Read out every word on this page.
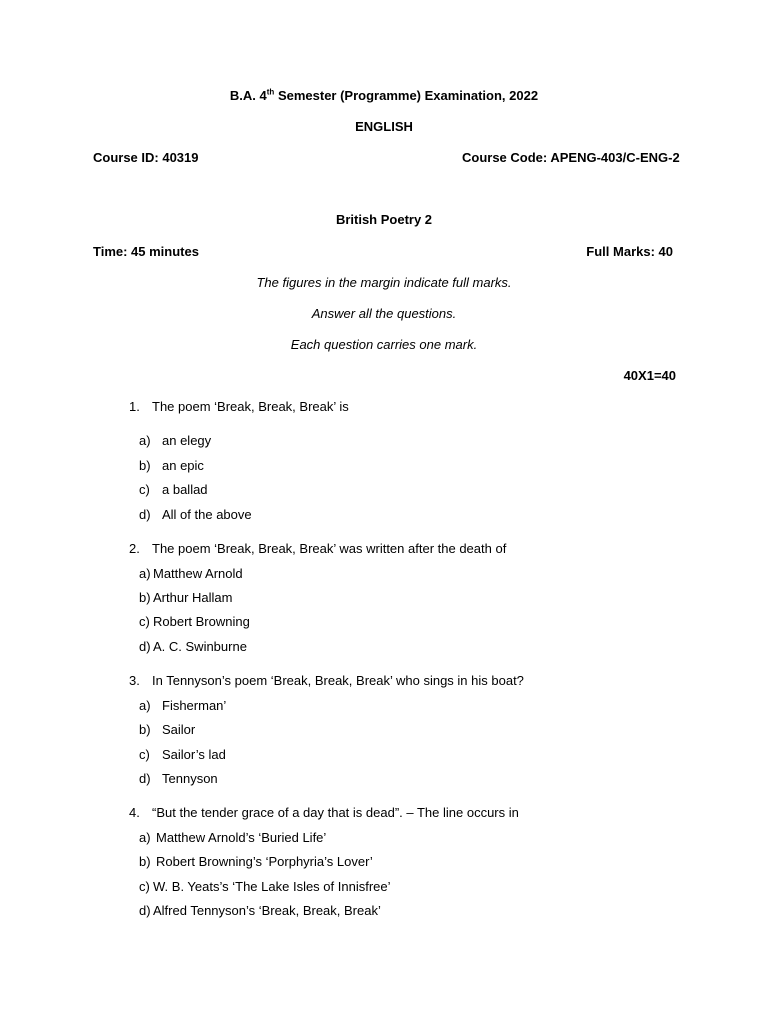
B.A. 4th Semester (Programme) Examination, 2022
ENGLISH
Course ID: 40319	Course Code: APENG-403/C-ENG-2
British Poetry 2
Time: 45 minutes	Full Marks: 40
The figures in the margin indicate full marks.
Answer all the questions.
Each question carries one mark.
40X1=40
1. The poem ‘Break, Break, Break’ is
a) an elegy
b) an epic
c) a ballad
d) All of the above
2. The poem ‘Break, Break, Break’ was written after the death of
a) Matthew Arnold
b) Arthur Hallam
c) Robert Browning
d) A. C. Swinburne
3. In Tennyson’s poem ‘Break, Break, Break’ who sings in his boat?
a) Fisherman’
b) Sailor
c) Sailor’s lad
d) Tennyson
4. “But the tender grace of a day that is dead”. – The line occurs in
a) Matthew Arnold’s ‘Buried Life’
b) Robert Browning’s ‘Porphyria’s Lover’
c) W. B. Yeats’s ‘The Lake Isles of Innisfree’
d) Alfred Tennyson’s ‘Break, Break, Break’
